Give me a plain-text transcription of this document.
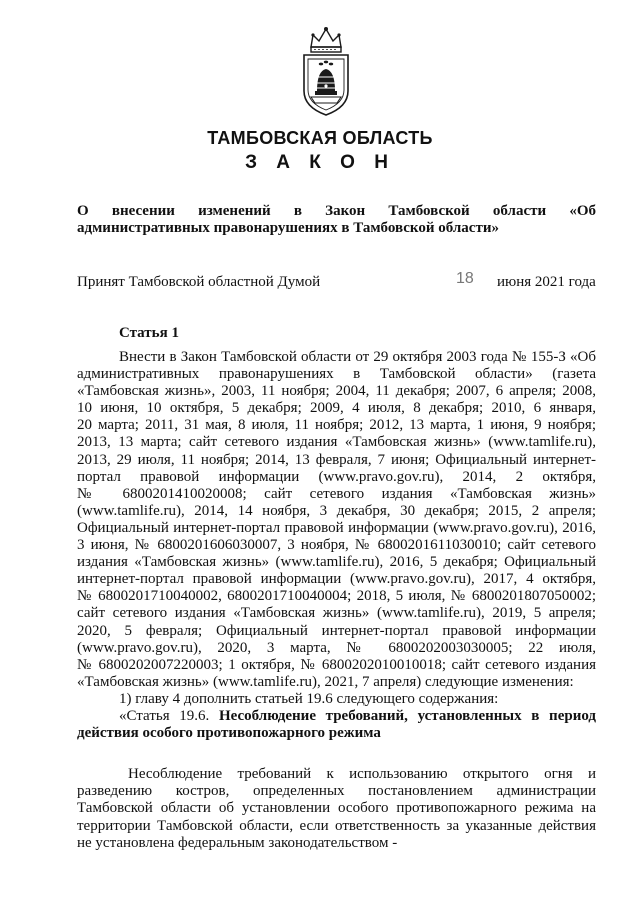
ТАМБОВСКАЯ ОБЛАСТЬ
З А К О Н
О внесении изменений в Закон Тамбовской области «Об
административных правонарушениях в Тамбовской области»
Принят Тамбовской областной Думой	18 июня 2021 года
Статья 1
Внести в Закон Тамбовской области от 29 октября 2003 года № 155-З «Об
административных правонарушениях в Тамбовской области» (газета
«Тамбовская жизнь», 2003, 11 ноября; 2004, 11 декабря; 2007, 6 апреля; 2008,
10 июня, 10 октября, 5 декабря; 2009, 4 июля, 8 декабря; 2010, 6 января,
20 марта; 2011, 31 мая, 8 июля, 11 ноября; 2012, 13 марта, 1 июня, 9 ноября;
2013, 13 марта; сайт сетевого издания «Тамбовская жизнь» (www.tamlife.ru),
2013, 29 июля, 11 ноября; 2014, 13 февраля, 7 июня; Официальный интернет-
портал правовой информации (www.pravo.gov.ru), 2014, 2 октября,
№ 6800201410020008; сайт сетевого издания «Тамбовская жизнь»
(www.tamlife.ru), 2014, 14 ноября, 3 декабря, 30 декабря; 2015, 2 апреля;
Официальный интернет-портал правовой информации (www.pravo.gov.ru), 2016,
3 июня, № 6800201606030007, 3 ноября, № 6800201611030010; сайт сетевого
издания «Тамбовская жизнь» (www.tamlife.ru), 2016, 5 декабря; Официальный
интернет-портал правовой информации (www.pravo.gov.ru), 2017, 4 октября,
№ 6800201710040002, 6800201710040004; 2018, 5 июля, № 6800201807050002;
сайт сетевого издания «Тамбовская жизнь» (www.tamlife.ru), 2019, 5 апреля;
2020, 5 февраля; Официальный интернет-портал правовой информации
(www.pravo.gov.ru), 2020, 3 марта, № 6800202003030005; 22 июля,
№ 6800202007220003; 1 октября, № 6800202010010018; сайт сетевого издания
«Тамбовская жизнь» (www.tamlife.ru), 2021, 7 апреля) следующие изменения:
1) главу 4 дополнить статьей 19.6 следующего содержания:
«Статья 19.6. Несоблюдение требований, установленных в период
действия особого противопожарного режима
Несоблюдение требований к использованию открытого огня и
разведению костров, определенных постановлением администрации
Тамбовской области об установлении особого противопожарного режима на
территории Тамбовской области, если ответственность за указанные действия
не установлена федеральным законодательством -
